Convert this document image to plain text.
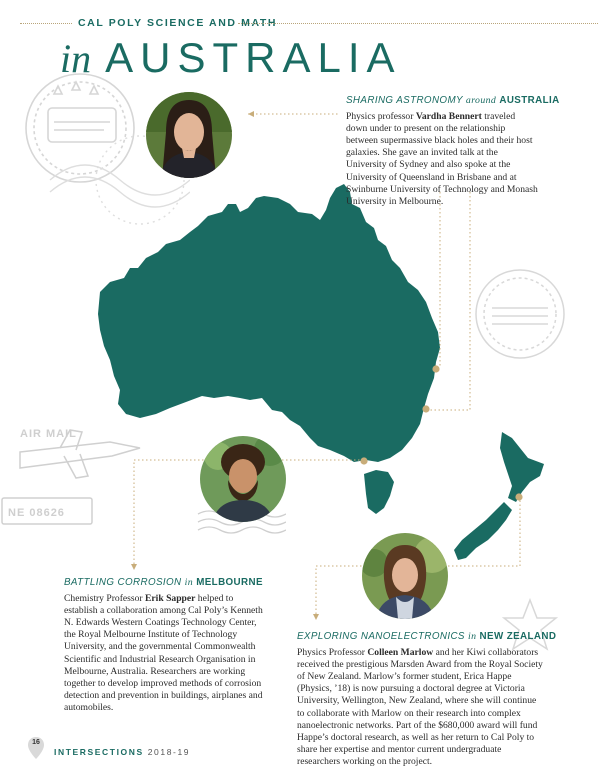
CAL POLY SCIENCE AND MATH
in AUSTRALIA
AIR MAIL
NE 08626
SHARING ASTRONOMY around AUSTRALIA

Physics professor Vardha Bennert traveled down under to present on the relationship between supermassive black holes and their host galaxies. She gave an invited talk at the University of Sydney and also spoke at the University of Queensland in Brisbane and at Swinburne University of Technology and Monash University in Melbourne.

BATTLING CORROSION in MELBOURNE

Chemistry Professor Erik Sapper helped to establish a collaboration among Cal Poly’s Kenneth N. Edwards Western Coatings Technology Center, the Royal Melbourne Institute of Technology University, and the governmental Commonwealth Scientific and Industrial Research Organisation in Melbourne, Australia. Researchers are working together to develop improved methods of corrosion detection and prevention in buildings, airplanes and automobiles.

EXPLORING NANOELECTRONICS in NEW ZEALAND

Physics Professor Colleen Marlow and her Kiwi collaborators received the prestigious Marsden Award from the Royal Society of New Zealand. Marlow’s former student, Erica Happe (Physics, ’18) is now pursuing a doctoral degree at Victoria University, Wellington, New Zealand, where she will continue to collaborate with Marlow on their research into complex nanoelectronic networks. Part of the $680,000 award will fund Happe’s doctoral research, as well as her return to Cal Poly to share her expertise and mentor current undergraduate researchers working on the project.

16
INTERSECTIONS 2018-19
